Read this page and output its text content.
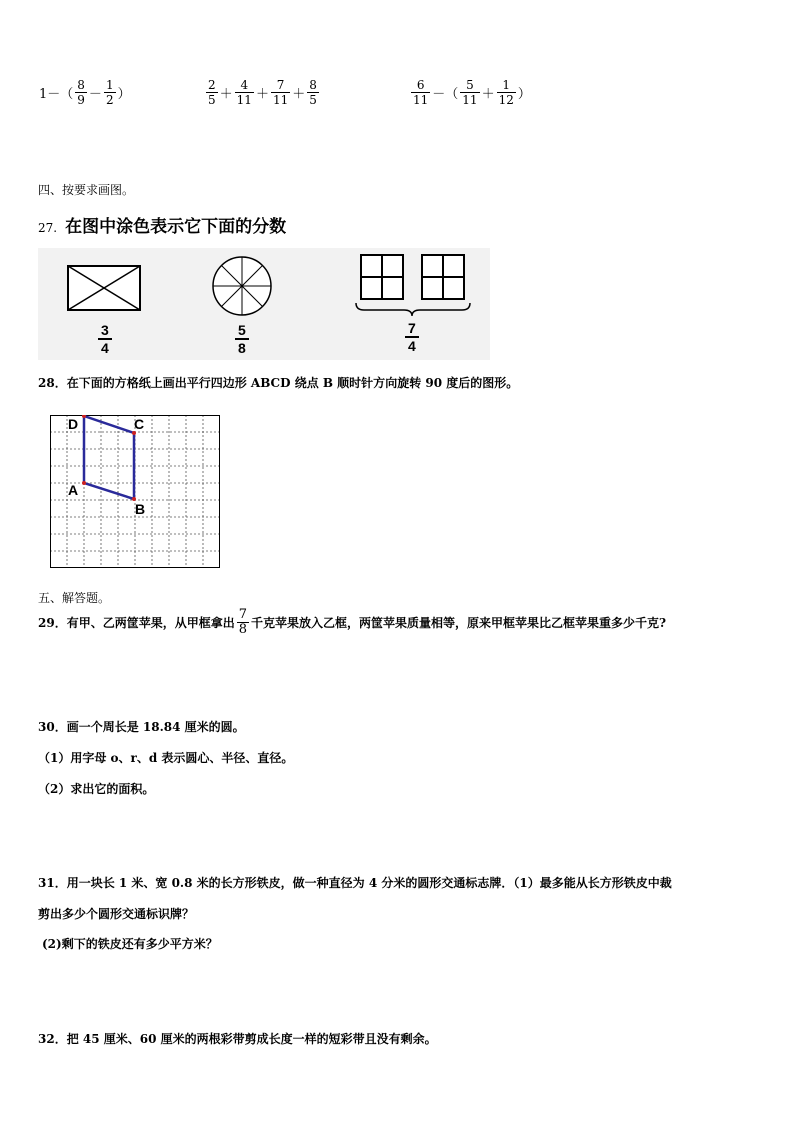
$1-( \frac{8}{9} - \frac{1}{2}$ ）	$\frac{2}{5} + \frac{4}{11} + \frac{7}{11} + \frac{8}{5}$	$\frac{6}{11}$ －（ $\frac{5}{11} + \frac{1}{12}$ ）
四、按要求画图。
27. 在图中涂色表示它下面的分数
3
4
5
8
7
4
28．在下面的方格纸上画出平行四边形 ABCD 绕点 B 顺时针方向旋转 90 度后的图形。
D	C
A
B
五、解答题。
29．有甲、乙两筐苹果，从甲框拿出 $\frac{7}{8}$ 千克苹果放入乙框，两筐苹果质量相等，原来甲框苹果比乙框苹果重多少千克?
30．画一个周长是 18.84 厘米的圆。
（1）用字母 o、r、d 表示圆心、半径、直径。
（2）求出它的面积。
31．用一块长 1 米、宽 0.8 米的长方形铁皮，做一种直径为 4 分米的圆形交通标志牌．（1）最多能从长方形铁皮中裁
剪出多少个圆形交通标识牌？
(2)剩下的铁皮还有多少平方米？
32．把 45 厘米、60 厘米的两根彩带剪成长度一样的短彩带且没有剩余。
